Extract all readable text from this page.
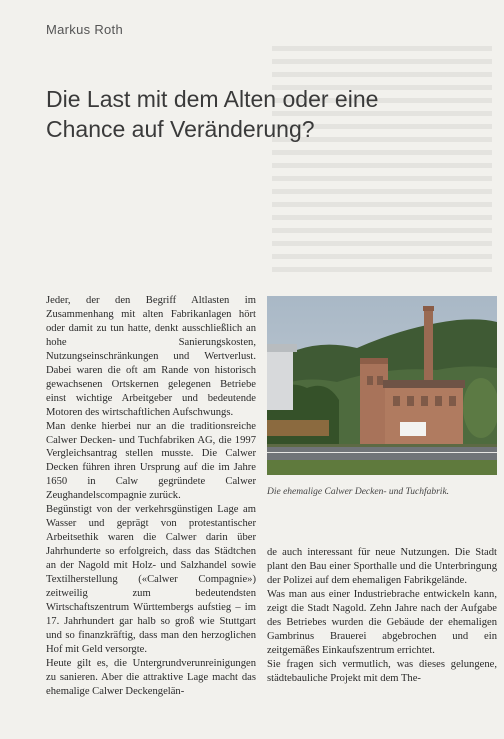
Markus Roth
Die Last mit dem Alten oder eine
Chance auf Veränderung?

Jeder, der den Begriff Altlasten im Zusammenhang mit alten Fabrikanlagen hört oder damit zu tun hatte, denkt ausschließlich an hohe Sanierungskosten, Nutzungseinschränkungen und Wertverlust. Dabei waren die oft am Rande von historisch gewachsenen Ortskernen gelegenen Betriebe einst wichtige Arbeitgeber und bedeutende Motoren des wirtschaftlichen Aufschwungs.

Man denke hierbei nur an die traditionsreiche Calwer Decken- und Tuchfabriken AG, die 1997 Vergleichsantrag stellen musste. Die Calwer Decken führen ihren Ursprung auf die im Jahre 1650 in Calw gegründete Calwer Zeughandelscompagnie zurück.

Begünstigt von der verkehrsgünstigen Lage am Wasser und geprägt von protestantischer Arbeitsethik waren die Calwer darin über Jahrhunderte so erfolgreich, dass das Städtchen an der Nagold mit Holz- und Salzhandel sowie Textilherstellung («Calwer Compagnie») zeitweilig zum bedeutendsten Wirtschaftszentrum Württembergs aufstieg – im 17. Jahrhundert gar halb so groß wie Stuttgart und so finanzkräftig, dass man den herzoglichen Hof mit Geld versorgte.

Heute gilt es, die Untergrundverunreinigungen zu sanieren. Aber die attraktive Lage macht das ehemalige Calwer Deckengelän-

Die ehemalige Calwer Decken- und Tuchfabrik.

de auch interessant für neue Nutzungen. Die Stadt plant den Bau einer Sporthalle und die Unterbringung der Polizei auf dem ehemaligen Fabrikgelände.

Was man aus einer Industriebrache entwickeln kann, zeigt die Stadt Nagold. Zehn Jahre nach der Aufgabe des Betriebes wurden die Gebäude der ehemaligen Gambrinus Brauerei abgebrochen und ein zeitgemäßes Einkaufszentrum errichtet.

Sie fragen sich vermutlich, was dieses gelungene, städtebauliche Projekt mit dem The-
